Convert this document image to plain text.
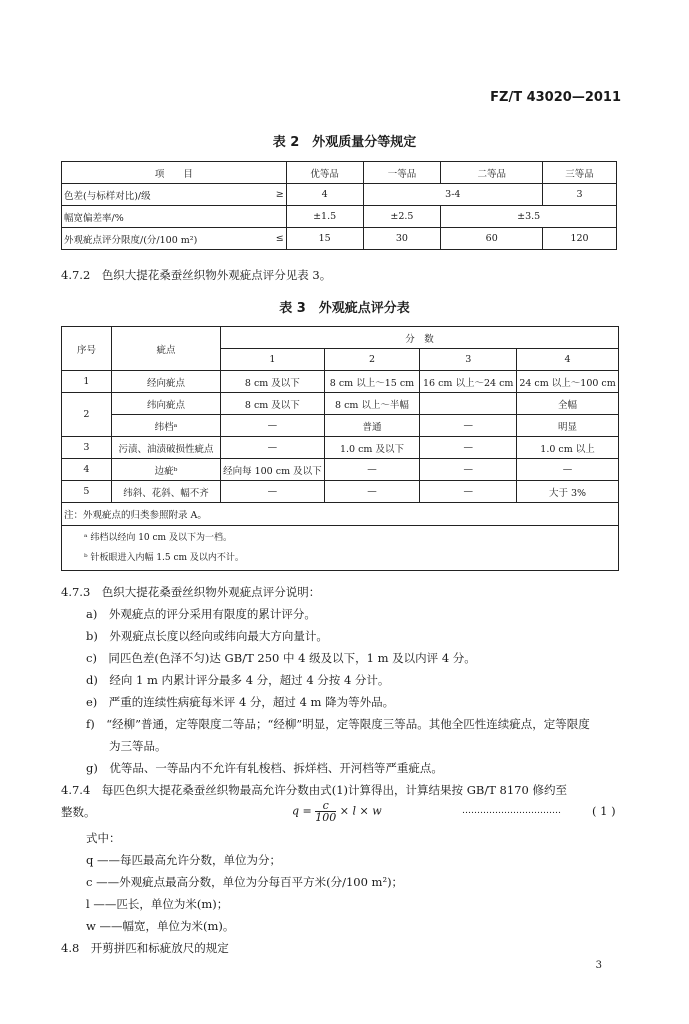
FZ/T 43020—2011
表 2　外观质量分等规定
项　　目		优等品	一等品	二等品	三等品
色差(与标样对比)/级	≥	4	3-4		3
幅宽偏差率/%		±1.5	±2.5	±3.5	
外观疵点评分限度/(分/100 m²)	≤	15	30	60	120
4.7.2　色织大提花桑蚕丝织物外观疵点评分见表 3。
表 3　外观疵点评分表
序号	疵点	分　数			
		1	2	3	4
1	经向疵点	8 cm 及以下	8 cm 以上～15 cm	16 cm 以上～24 cm	24 cm 以上～100 cm
2	纬向疵点	8 cm 及以下	8 cm 以上～半幅		全幅
	纬档ᵃ	—	普通	—	明显
3	污渍、油渍破损性疵点	—	1.0 cm 及以下	—	1.0 cm 以上
4	边疵ᵇ	经向每 100 cm 及以下	—	—	—
5	纬斜、花斜、幅不齐	—	—	—	大于 3%
注：外观疵点的归类参照附录 A。					

ᵃ 纬档以经向 10 cm 及以下为一档。
ᵇ 针板眼进入内幅 1.5 cm 及以内不计。					
4.7.3　色织大提花桑蚕丝织物外观疵点评分说明：
a)　外观疵点的评分采用有限度的累计评分。
b)　外观疵点长度以经向或纬向最大方向量计。
c)　同匹色差(色泽不匀)达 GB/T 250 中 4 级及以下，1 m 及以内评 4 分。
d)　经向 1 m 内累计评分最多 4 分，超过 4 分按 4 分计。
e)　严重的连续性病疵每米评 4 分，超过 4 m 降为等外品。
f)　“经柳”普通，定等限度二等品；“经柳”明显，定等限度三等品。其他全匹性连续疵点，定等限度
为三等品。
g)　优等品、一等品内不允许有轧梭档、拆烊档、开河档等严重疵点。
4.7.4　每匹色织大提花桑蚕丝织物最高允许分数由式(1)计算得出，计算结果按 GB/T 8170 修约至
整数。	$q = \frac{c}{100} \times l \times w$	……………………………	( 1 )
式中：
q ——每匹最高允许分数，单位为分；
c ——外观疵点最高分数，单位为分每百平方米(分/100 m²)；
l ——匹长，单位为米(m)；
w ——幅宽，单位为米(m)。
4.8　开剪拼匹和标疵放尺的规定
3
